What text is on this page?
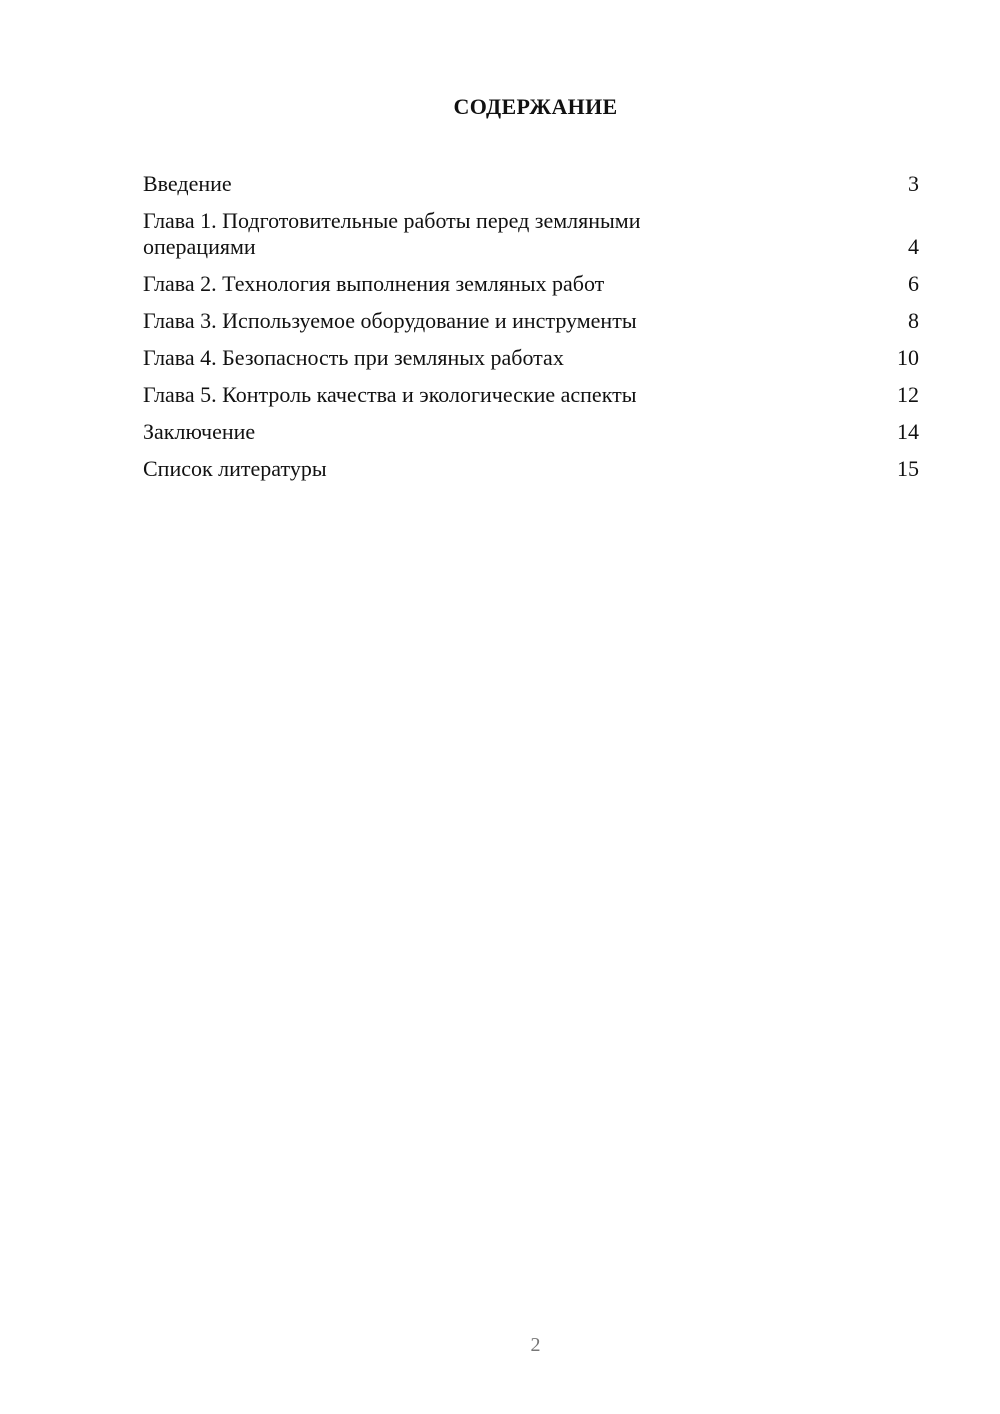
СОДЕРЖАНИЕ
Введение	3
Глава 1. Подготовительные работы перед земляными операциями	4
Глава 2. Технология выполнения земляных работ	6
Глава 3. Используемое оборудование и инструменты	8
Глава 4. Безопасность при земляных работах	10
Глава 5. Контроль качества и экологические аспекты	12
Заключение	14
Список литературы	15
2
